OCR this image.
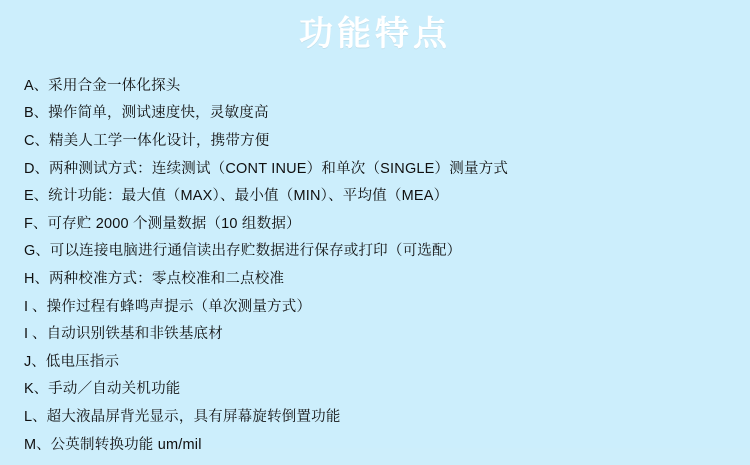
功能特点
A、 采用合金一体化探头
B、 操作简单，测试速度快，灵敏度高
C、 精美人工学一体化设计，携带方便
D、 两种测试方式：连续测试（CONT INUE）和单次（SINGLE）测量方式
E、 统计功能：最大值（MAX）、最小值（MIN）、平均值（MEA）
F、 可存贮 2000 个测量数据（10 组数据）
G、 可以连接电脑进行通信读出存贮数据进行保存或打印（可选配）
H、 两种校准方式：零点校准和二点校准
I 、 操作过程有蜂鸣声提示（单次测量方式）
I 、 自动识别铁基和非铁基底材
J、 低电压指示
K、 手动／自动关机功能
L、 超大液晶屏背光显示，具有屏幕旋转倒置功能
M、 公英制转换功能 um/mil
